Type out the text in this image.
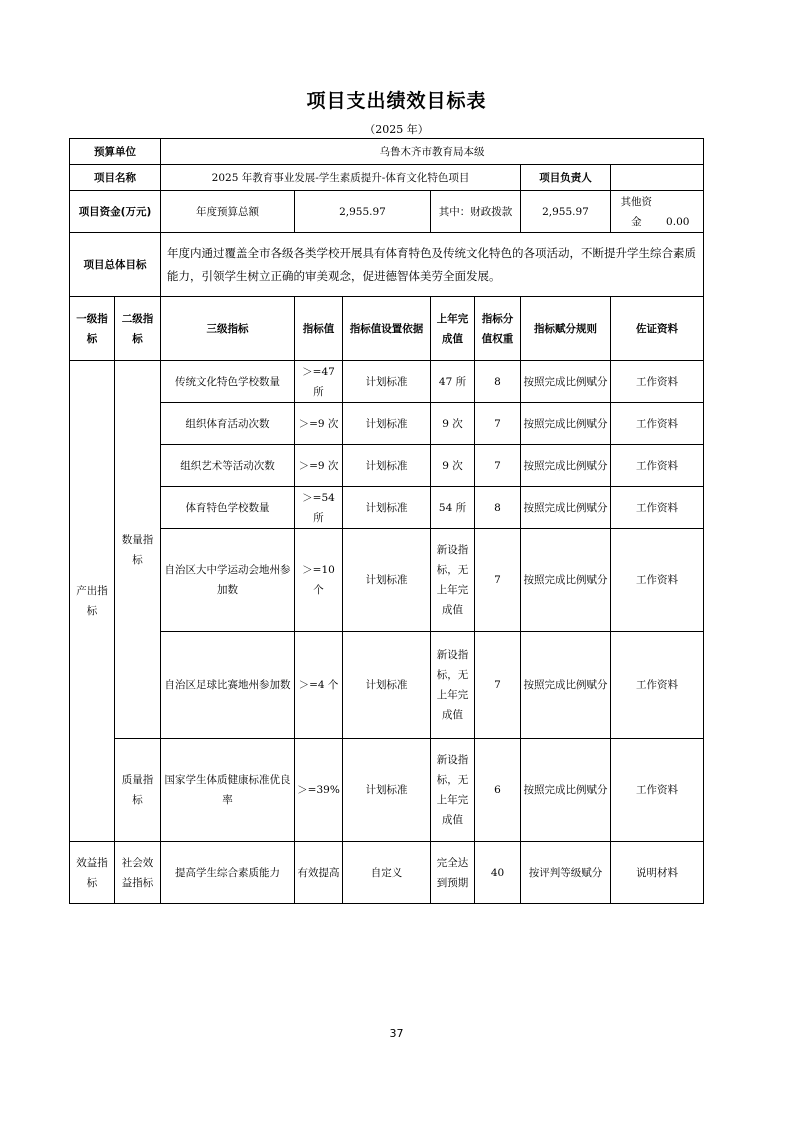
项目支出绩效目标表
（2025 年）
预算单位		乌鲁木齐市教育局本级						
项目名称		2025 年教育事业发展-学生素质提升-体育文化特色项目					项目负责人	
项目资金(万元)		年度预算总额	2,955.97		其中：财政拨款		2,955.97	其他资金 0.00
项目总体目标		年度内通过覆盖全市各级各类学校开展具有体育特色及传统文化特色的各项活动，不断提升学生综合素质能力，引领学生树立正确的审美观念，促进德智体美劳全面发展。						
一级指标	二级指标	三级指标	指标值	指标值设置依据	上年完成值	指标分值权重	指标赋分规则	佐证资料
产出指标	数量指标	传统文化特色学校数量	＞=47 所	计划标准	47 所	8	按照完成比例赋分	工作资料
		组织体育活动次数	＞=9 次	计划标准	9 次	7	按照完成比例赋分	工作资料
		组织艺术等活动次数	＞=9 次	计划标准	9 次	7	按照完成比例赋分	工作资料
		体育特色学校数量	＞=54 所	计划标准	54 所	8	按照完成比例赋分	工作资料
		自治区大中学运动会地州参加数	＞=10 个	计划标准	新设指标，无上年完成值	7	按照完成比例赋分	工作资料
		自治区足球比赛地州参加数	＞=4 个	计划标准	新设指标，无上年完成值	7	按照完成比例赋分	工作资料
	质量指标	国家学生体质健康标准优良率	＞=39%	计划标准	新设指标，无上年完成值	6	按照完成比例赋分	工作资料
效益指标	社会效益指标	提高学生综合素质能力	有效提高	自定义	完全达到预期	40	按评判等级赋分	说明材料
37
